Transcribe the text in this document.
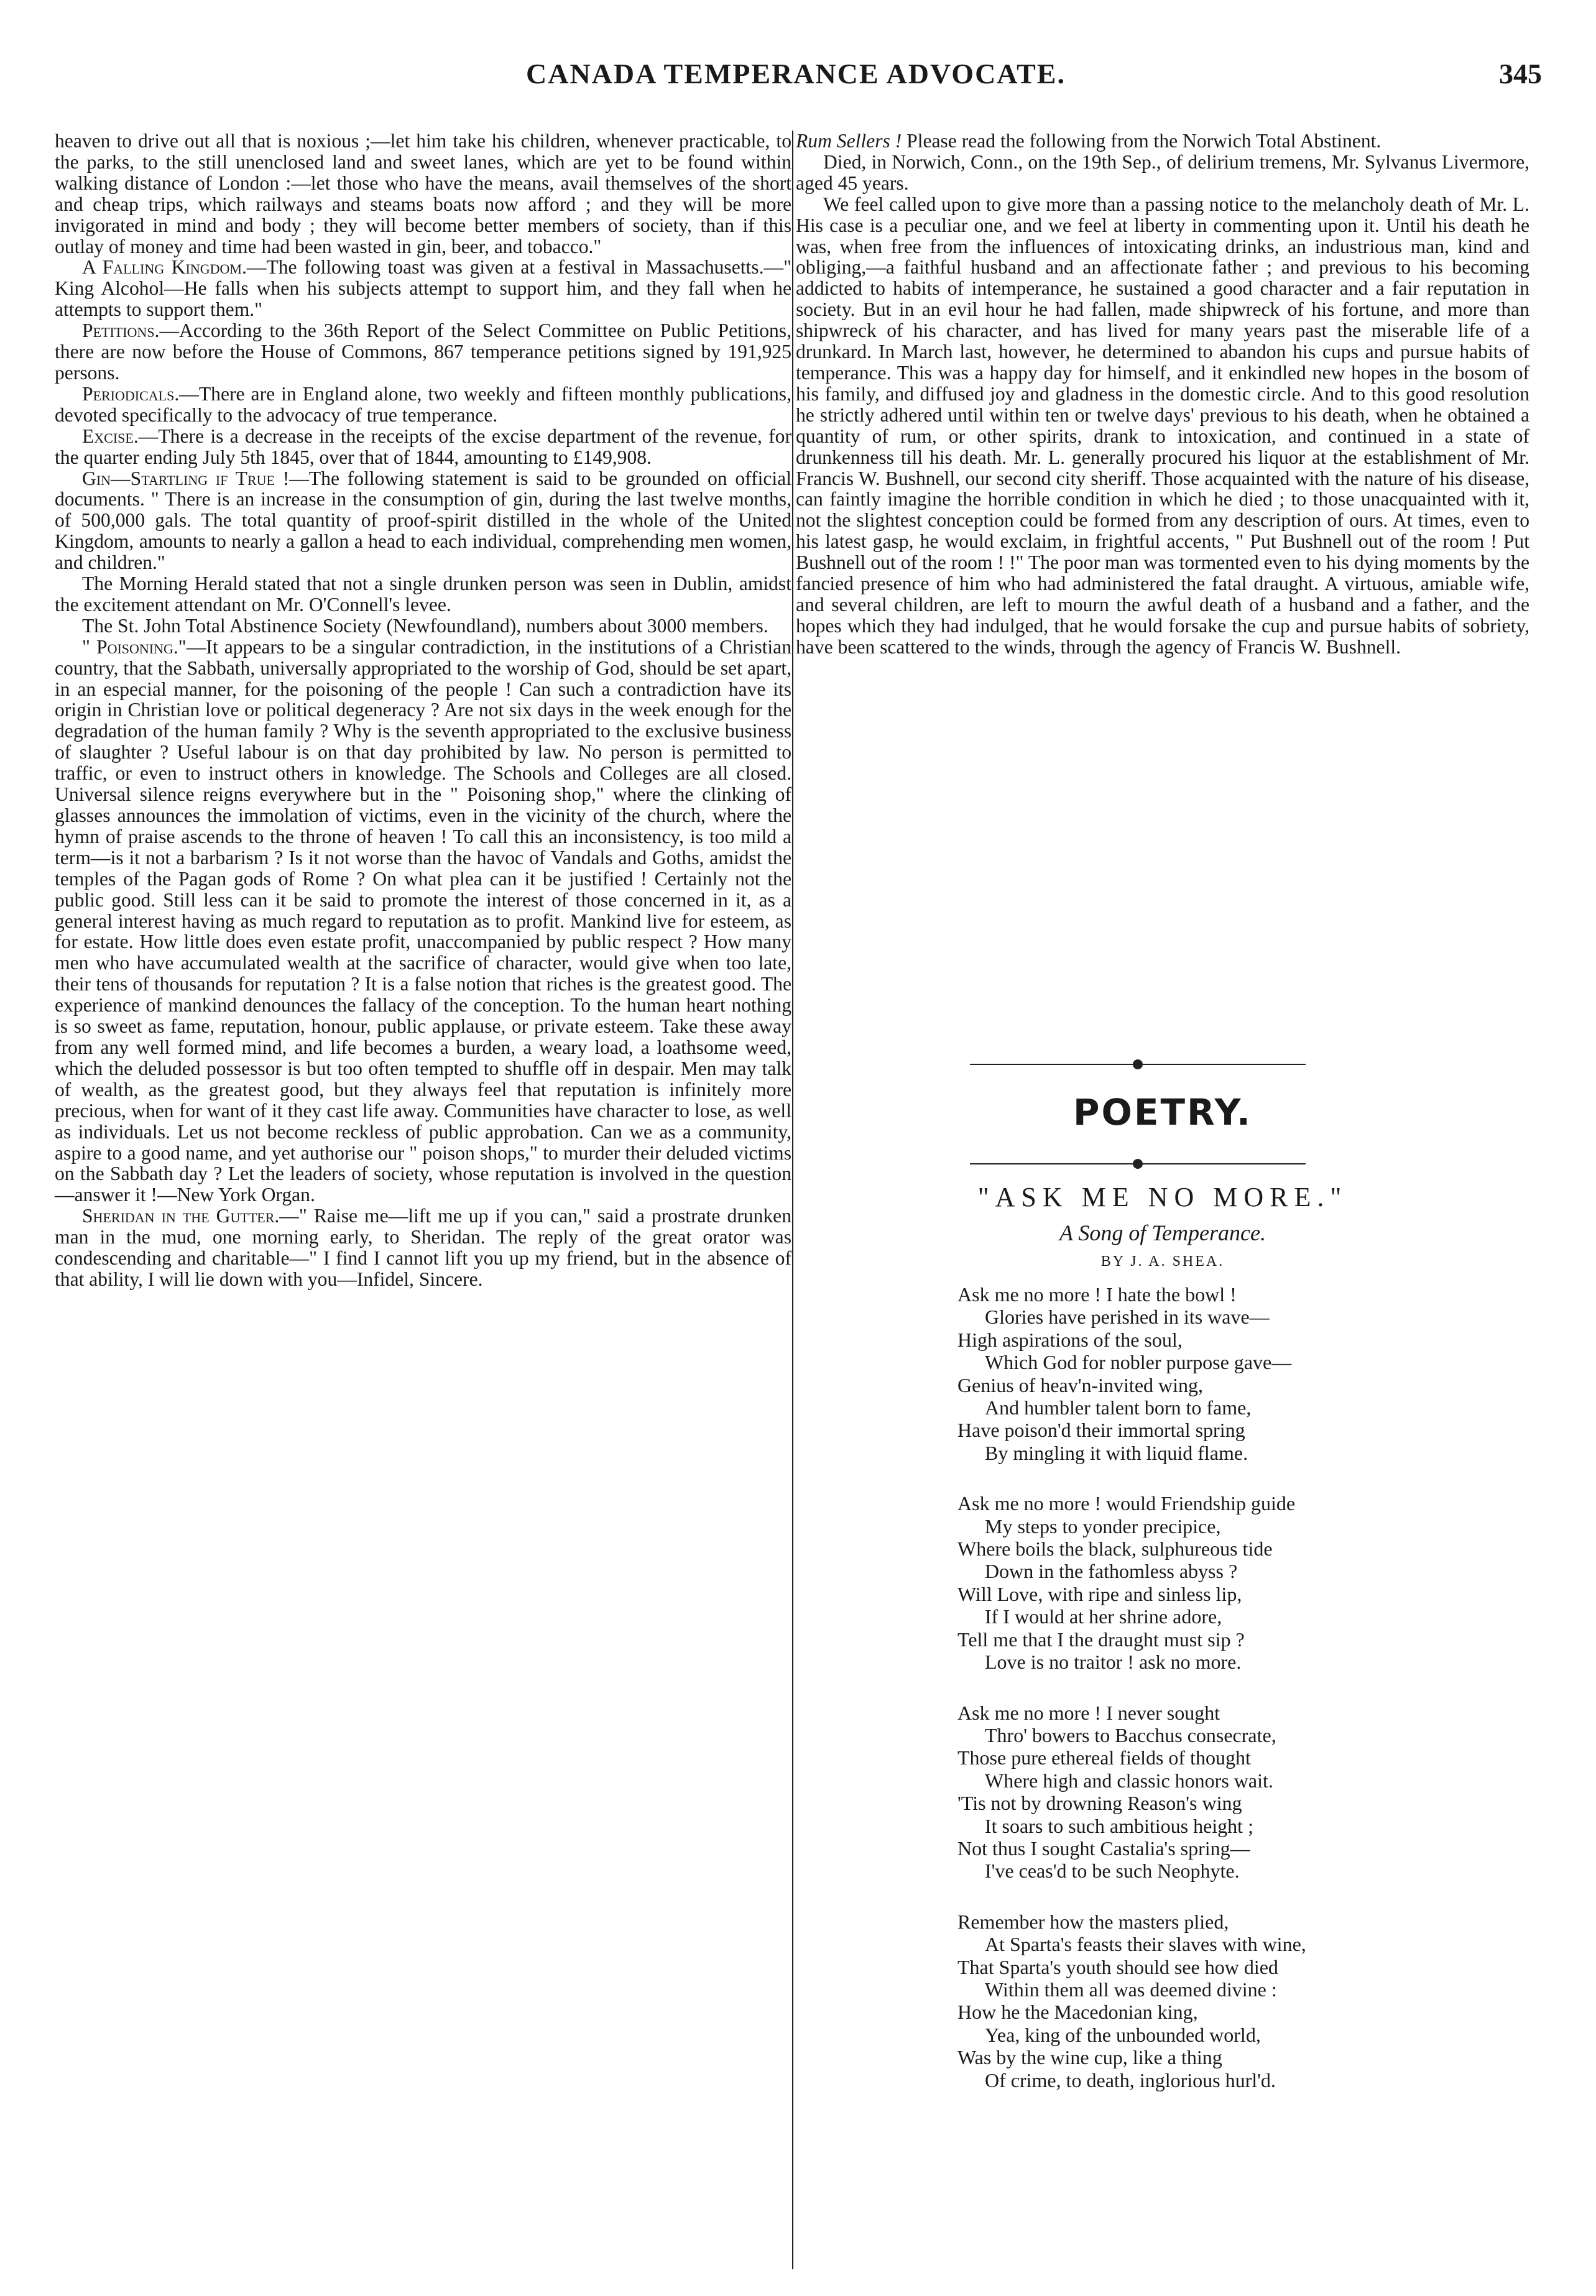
CANADA TEMPERANCE ADVOCATE.	345

heaven to drive out all that is noxious ;—let him take his children, whenever practicable, to the parks, to the still unenclosed land and sweet lanes, which are yet to be found within walking distance of London :—let those who have the means, avail themselves of the short and cheap trips, which railways and steams boats now afford ; and they will be more invigorated in mind and body ; they will become better members of society, than if this outlay of money and time had been wasted in gin, beer, and tobacco."

A Falling Kingdom.—The following toast was given at a festival in Massachusetts.—" King Alcohol—He falls when his subjects attempt to support him, and they fall when he attempts to support them."

Petitions.—According to the 36th Report of the Select Committee on Public Petitions, there are now before the House of Commons, 867 temperance petitions signed by 191,925 persons.

Periodicals.—There are in England alone, two weekly and fifteen monthly publications, devoted specifically to the advocacy of true temperance.

Excise.—There is a decrease in the receipts of the excise department of the revenue, for the quarter ending July 5th 1845, over that of 1844, amounting to £149,908.

Gin—Startling if True !—The following statement is said to be grounded on official documents. " There is an increase in the consumption of gin, during the last twelve months, of 500,000 gals. The total quantity of proof-spirit distilled in the whole of the United Kingdom, amounts to nearly a gallon a head to each individual, comprehending men women, and children."

The Morning Herald stated that not a single drunken person was seen in Dublin, amidst the excitement attendant on Mr. O'Connell's levee.

The St. John Total Abstinence Society (Newfoundland), numbers about 3000 members.

" Poisoning."—It appears to be a singular contradiction, in the institutions of a Christian country, that the Sabbath, universally appropriated to the worship of God, should be set apart, in an especial manner, for the poisoning of the people ! Can such a contradiction have its origin in Christian love or political degeneracy ? Are not six days in the week enough for the degradation of the human family ? Why is the seventh appropriated to the exclusive business of slaughter ? Useful labour is on that day prohibited by law. No person is permitted to traffic, or even to instruct others in knowledge. The Schools and Colleges are all closed. Universal silence reigns everywhere but in the " Poisoning shop," where the clinking of glasses announces the immolation of victims, even in the vicinity of the church, where the hymn of praise ascends to the throne of heaven ! To call this an inconsistency, is too mild a term—is it not a barbarism ? Is it not worse than the havoc of Vandals and Goths, amidst the temples of the Pagan gods of Rome ? On what plea can it be justified ! Certainly not the public good. Still less can it be said to promote the interest of those concerned in it, as a general interest having as much regard to reputation as to profit. Mankind live for esteem, as for estate. How little does even estate profit, unaccompanied by public respect ? How many men who have accumulated wealth at the sacrifice of character, would give when too late, their tens of thousands for reputation ? It is a false notion that riches is the greatest good. The experience of mankind denounces the fallacy of the conception. To the human heart nothing is so sweet as fame, reputation, honour, public applause, or private esteem. Take these away from any well formed mind, and life becomes a burden, a weary load, a loathsome weed, which the deluded possessor is but too often tempted to shuffle off in despair. Men may talk of wealth, as the greatest good, but they always feel that reputation is infinitely more precious, when for want of it they cast life away. Communities have character to lose, as well as individuals. Let us not become reckless of public approbation. Can we as a community, aspire to a good name, and yet authorise our " poison shops," to murder their deluded victims on the Sabbath day ? Let the leaders of society, whose reputation is involved in the question—answer it !—New York Organ.

Sheridan in the Gutter.—" Raise me—lift me up if you can," said a prostrate drunken man in the mud, one morning early, to Sheridan. The reply of the great orator was condescending and charitable—" I find I cannot lift you up my friend, but in the absence of that ability, I will lie down with you—Infidel, Sincere.

Rum Sellers ! Please read the following from the Norwich Total Abstinent.

Died, in Norwich, Conn., on the 19th Sep., of delirium tremens, Mr. Sylvanus Livermore, aged 45 years.

We feel called upon to give more than a passing notice to the melancholy death of Mr. L. His case is a peculiar one, and we feel at liberty in commenting upon it. Until his death he was, when free from the influences of intoxicating drinks, an industrious man, kind and obliging,—a faithful husband and an affectionate father ; and previous to his becoming addicted to habits of intemperance, he sustained a good character and a fair reputation in society. But in an evil hour he had fallen, made shipwreck of his fortune, and more than shipwreck of his character, and has lived for many years past the miserable life of a drunkard. In March last, however, he determined to abandon his cups and pursue habits of temperance. This was a happy day for himself, and it enkindled new hopes in the bosom of his family, and diffused joy and gladness in the domestic circle. And to this good resolution he strictly adhered until within ten or twelve days' previous to his death, when he obtained a quantity of rum, or other spirits, drank to intoxication, and continued in a state of drunkenness till his death. Mr. L. generally procured his liquor at the establishment of Mr. Francis W. Bushnell, our second city sheriff. Those acquainted with the nature of his disease, can faintly imagine the horrible condition in which he died ; to those unacquainted with it, not the slightest conception could be formed from any description of ours. At times, even to his latest gasp, he would exclaim, in frightful accents, " Put Bushnell out of the room ! Put Bushnell out of the room ! !" The poor man was tormented even to his dying moments by the fancied presence of him who had administered the fatal draught. A virtuous, amiable wife, and several children, are left to mourn the awful death of a husband and a father, and the hopes which they had indulged, that he would forsake the cup and pursue habits of sobriety, have been scattered to the winds, through the agency of Francis W. Bushnell.

POETRY.
"ASK ME NO MORE."
A Song of Temperance.
BY J. A. SHEA.
Ask me no more ! I hate the bowl !
Glories have perished in its wave—
High aspirations of the soul,
Which God for nobler purpose gave—
Genius of heav'n-invited wing,
And humbler talent born to fame,
Have poison'd their immortal spring
By mingling it with liquid flame.
Ask me no more ! would Friendship guide
My steps to yonder precipice,
Where boils the black, sulphureous tide
Down in the fathomless abyss ?
Will Love, with ripe and sinless lip,
If I would at her shrine adore,
Tell me that I the draught must sip ?
Love is no traitor ! ask no more.
Ask me no more ! I never sought
Thro' bowers to Bacchus consecrate,
Those pure ethereal fields of thought
Where high and classic honors wait.
'Tis not by drowning Reason's wing
It soars to such ambitious height ;
Not thus I sought Castalia's spring—
I've ceas'd to be such Neophyte.
Remember how the masters plied,
At Sparta's feasts their slaves with wine,
That Sparta's youth should see how died
Within them all was deemed divine :
How he the Macedonian king,
Yea, king of the unbounded world,
Was by the wine cup, like a thing
Of crime, to death, inglorious hurl'd.
